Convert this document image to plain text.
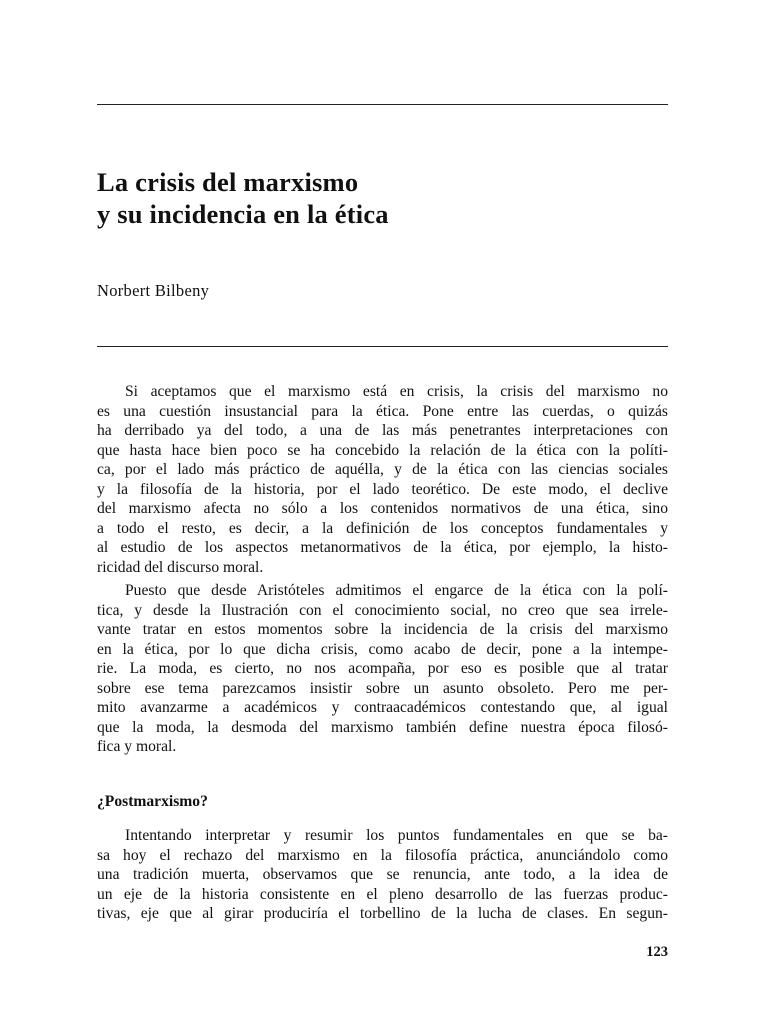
La crisis del marxismo
y su incidencia en la ética

Norbert Bilbeny

Si aceptamos que el marxismo está en crisis, la crisis del marxismo no
es una cuestión insustancial para la ética. Pone entre las cuerdas, o quizás
ha derribado ya del todo, a una de las más penetrantes interpretaciones con
que hasta hace bien poco se ha concebido la relación de la ética con la políti-
ca, por el lado más práctico de aquélla, y de la ética con las ciencias sociales
y la filosofía de la historia, por el lado teorético. De este modo, el declive
del marxismo afecta no sólo a los contenidos normativos de una ética, sino
a todo el resto, es decir, a la definición de los conceptos fundamentales y
al estudio de los aspectos metanormativos de la ética, por ejemplo, la histo-
ricidad del discurso moral.
Puesto que desde Aristóteles admitimos el engarce de la ética con la polí-
tica, y desde la Ilustración con el conocimiento social, no creo que sea irrele-
vante tratar en estos momentos sobre la incidencia de la crisis del marxismo
en la ética, por lo que dicha crisis, como acabo de decir, pone a la intempe-
rie. La moda, es cierto, no nos acompaña, por eso es posible que al tratar
sobre ese tema parezcamos insistir sobre un asunto obsoleto. Pero me per-
mito avanzarme a académicos y contraacadémicos contestando que, al igual
que la moda, la desmoda del marxismo también define nuestra época filosó-
fica y moral.
¿Postmarxismo?
Intentando interpretar y resumir los puntos fundamentales en que se ba-
sa hoy el rechazo del marxismo en la filosofía práctica, anunciándolo como
una tradición muerta, observamos que se renuncia, ante todo, a la idea de
un eje de la historia consistente en el pleno desarrollo de las fuerzas produc-
tivas, eje que al girar produciría el torbellino de la lucha de clases. En segun-
123
